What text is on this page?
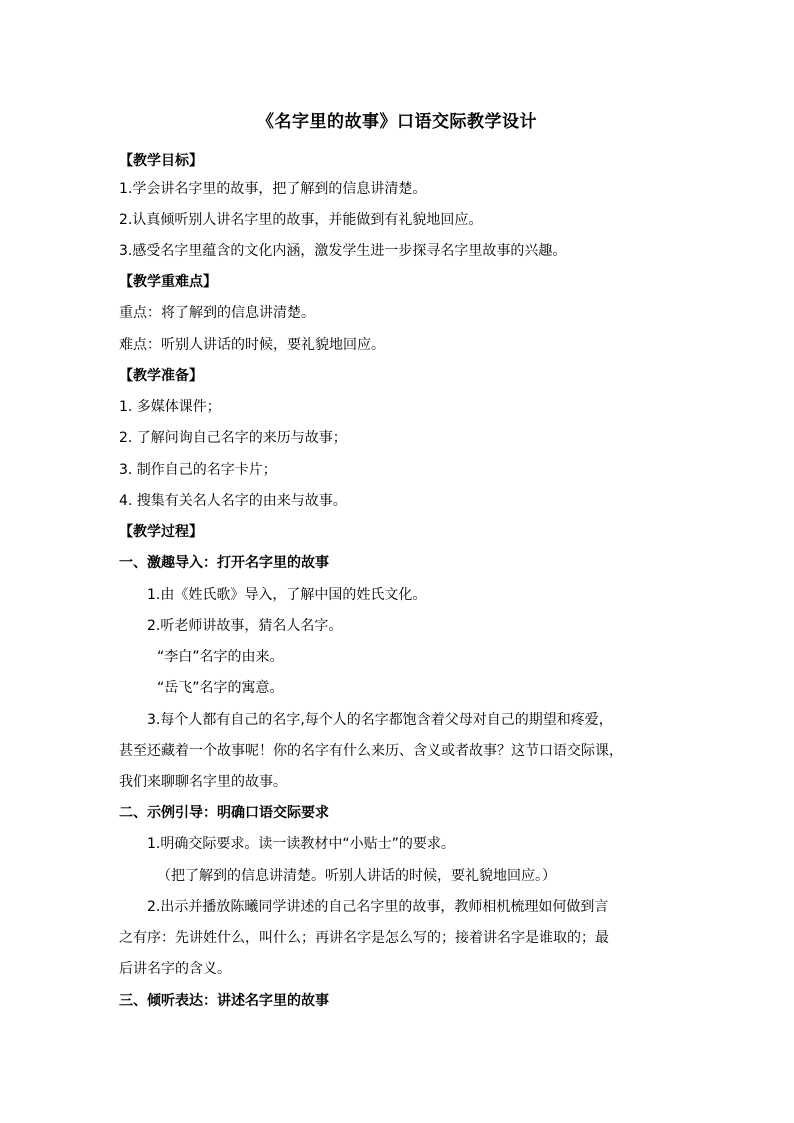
《名字里的故事》口语交际教学设计
【教学目标】
1.学会讲名字里的故事，把了解到的信息讲清楚。
2.认真倾听别人讲名字里的故事，并能做到有礼貌地回应。
3.感受名字里蕴含的文化内涵，激发学生进一步探寻名字里故事的兴趣。
【教学重难点】
重点：将了解到的信息讲清楚。
难点：听别人讲话的时候，要礼貌地回应。
【教学准备】
1. 多媒体课件；
2. 了解问询自己名字的来历与故事；
3. 制作自己的名字卡片；
4. 搜集有关名人名字的由来与故事。
【教学过程】
一、激趣导入：打开名字里的故事
1.由《姓氏歌》导入，了解中国的姓氏文化。
2.听老师讲故事，猜名人名字。
“李白”名字的由来。
“岳飞”名字的寓意。
3.每个人都有自己的名字,每个人的名字都饱含着父母对自己的期望和疼爱，
甚至还藏着一个故事呢！你的名字有什么来历、含义或者故事？这节口语交际课，
我们来聊聊名字里的故事。
二、示例引导：明确口语交际要求
1.明确交际要求。读一读教材中“小贴士”的要求。
（把了解到的信息讲清楚。听别人讲话的时候，要礼貌地回应。）
2.出示并播放陈曦同学讲述的自己名字里的故事，教师相机梳理如何做到言
之有序：先讲姓什么，叫什么；再讲名字是怎么写的；接着讲名字是谁取的；最
后讲名字的含义。
三、倾听表达：讲述名字里的故事
